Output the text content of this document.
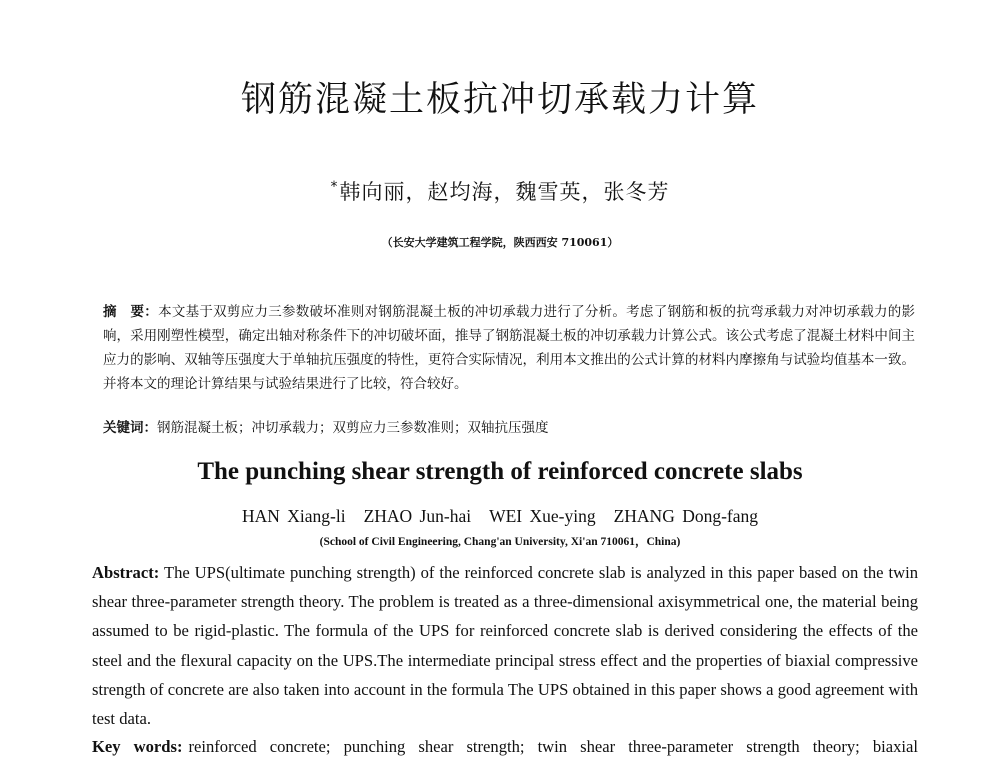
钢筋混凝土板抗冲切承载力计算
*韩向丽，赵均海，魏雪英，张冬芳
（长安大学建筑工程学院，陕西西安 710061）
摘　要：本文基于双剪应力三参数破坏准则对钢筋混凝土板的冲切承载力进行了分析。考虑了钢筋和板的抗弯承载力对冲切承载力的影响，采用刚塑性模型，确定出轴对称条件下的冲切破坏面，推导了钢筋混凝土板的冲切承载力计算公式。该公式考虑了混凝土材料中间主应力的影响、双轴等压强度大于单轴抗压强度的特性，更符合实际情况，利用本文推出的公式计算的材料内摩擦角与试验均值基本一致。并将本文的理论计算结果与试验结果进行了比较，符合较好。
关键词：钢筋混凝土板；冲切承载力；双剪应力三参数准则；双轴抗压强度
The punching shear strength of reinforced concrete slabs
HAN Xiang-li ZHAO Jun-hai WEI Xue-ying ZHANG Dong-fang
(School of Civil Engineering, Chang'an University, Xi'an 710061，China)
Abstract: The UPS(ultimate punching strength) of the reinforced concrete slab is analyzed in this paper based on the twin shear three-parameter strength theory. The problem is treated as a three-dimensional axisymmetrical one, the material being assumed to be rigid-plastic. The formula of the UPS for reinforced concrete slab is derived considering the effects of the steel and the flexural capacity on the UPS.The intermediate principal stress effect and the properties of biaxial compressive strength of concrete are also taken into account in the formula The UPS obtained in this paper shows a good agreement with test data.
Key words: reinforced concrete; punching shear strength; twin shear three-parameter strength theory; biaxial
